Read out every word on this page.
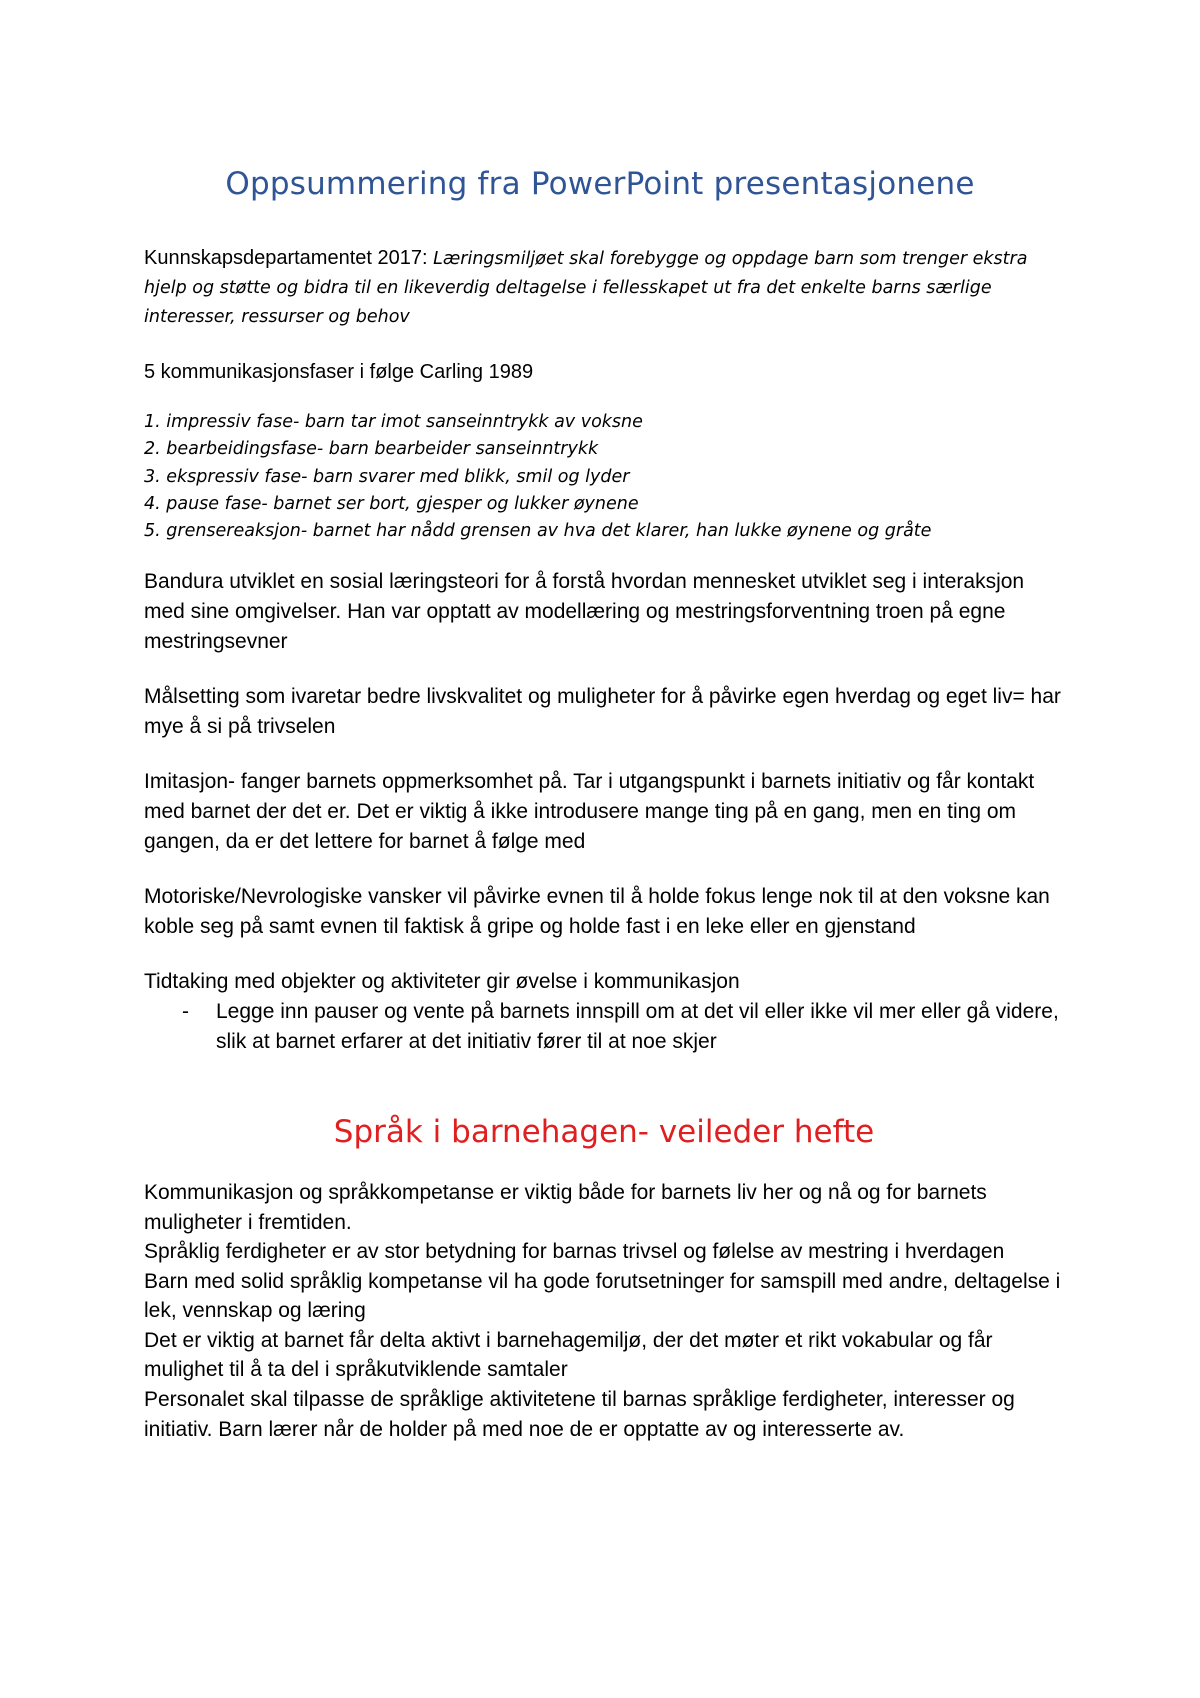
Oppsummering fra PowerPoint presentasjonene

Kunnskapsdepartamentet 2017: Læringsmiljøet skal forebygge og oppdage barn som trenger ekstra hjelp og støtte og bidra til en likeverdig deltagelse i fellesskapet ut fra det enkelte barns særlige interesser, ressurser og behov

5 kommunikasjonsfaser i følge Carling 1989

1. impressiv fase- barn tar imot sanseinntrykk av voksne
2. bearbeidingsfase- barn bearbeider sanseinntrykk
3. ekspressiv fase- barn svarer med blikk, smil og lyder
4. pause fase- barnet ser bort, gjesper og lukker øynene
5. grensereaksjon- barnet har nådd grensen av hva det klarer, han lukke øynene og gråte

Bandura utviklet en sosial læringsteori for å forstå hvordan mennesket utviklet seg i interaksjon med sine omgivelser. Han var opptatt av modellæring og mestringsforventning troen på egne mestringsevner

Målsetting som ivaretar bedre livskvalitet og muligheter for å påvirke egen hverdag og eget liv= har mye å si på trivselen

Imitasjon- fanger barnets oppmerksomhet på. Tar i utgangspunkt i barnets initiativ og får kontakt med barnet der det er. Det er viktig å ikke introdusere mange ting på en gang, men en ting om gangen, da er det lettere for barnet å følge med

Motoriske/Nevrologiske vansker vil påvirke evnen til å holde fokus lenge nok til at den voksne kan koble seg på samt evnen til faktisk å gripe og holde fast i en leke eller en gjenstand

Tidtaking med objekter og aktiviteter gir øvelse i kommunikasjon

- Legge inn pauser og vente på barnets innspill om at det vil eller ikke vil mer eller gå videre, slik at barnet erfarer at det initiativ fører til at noe skjer
Språk i barnehagen- veileder hefte

Kommunikasjon og språkkompetanse er viktig både for barnets liv her og nå og for barnets muligheter i fremtiden.

Språklig ferdigheter er av stor betydning for barnas trivsel og følelse av mestring i hverdagen

Barn med solid språklig kompetanse vil ha gode forutsetninger for samspill med andre, deltagelse i lek, vennskap og læring

Det er viktig at barnet får delta aktivt i barnehagemiljø, der det møter et rikt vokabular og får mulighet til å ta del i språkutviklende samtaler

Personalet skal tilpasse de språklige aktivitetene til barnas språklige ferdigheter, interesser og initiativ. Barn lærer når de holder på med noe de er opptatte av og interesserte av.
